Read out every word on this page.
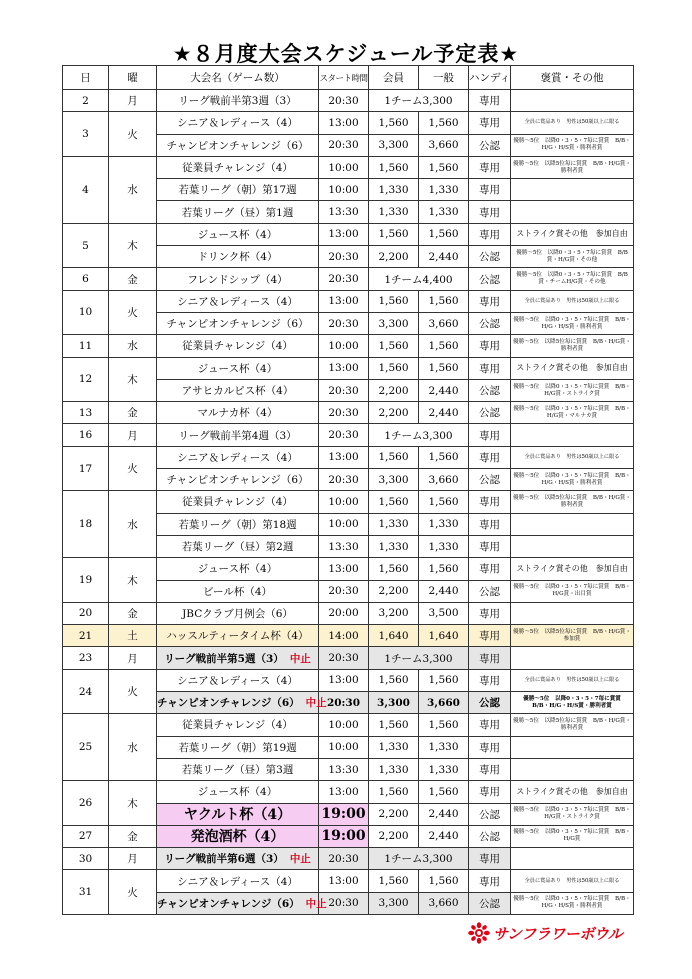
★８月度大会スケジュール予定表★
日	曜	大会名（ゲーム数）	スタート時間	会員	一般	ハンディ	褒賞・その他
2	月	リーグ戦前半第3週（3）	20:30	1チーム3,300		専用	
3	火	シニア＆レディース（4）	13:00	1,560	1,560	専用	全員に賞品あり　男性は50歳以上に限る
		チャンピオンチャレンジ（6）	20:30	3,300	3,660	公認	優勝～5位　以降0・3・5・7毎に賞賞　B/B・H/G・H/S賞・勝利者賞
4	水	従業員チャレンジ（4）	10:00	1,560	1,560	専用	優勝～5位　以降5位毎に賞賞　B/B・H/G賞・勝利者賞
		若葉リーグ（朝）第17週	10:00	1,330	1,330	専用	
		若葉リーグ（昼）第1週	13:30	1,330	1,330	専用	
5	木	ジュース杯（4）	13:00	1,560	1,560	専用	ストライク賞その他　参加自由
		ドリンク杯（4）	20:30	2,200	2,440	公認	優勝～5位　以降0・3・5・7毎に賞賞　B/B賞・H/G賞・その他
6	金	フレンドシップ（4）	20:30	1チーム4,400		公認	優勝～5位　以降0・3・5・7毎に賞賞　B/B賞・チームH/G賞・その他
10	火	シニア＆レディース（4）	13:00	1,560	1,560	専用	全員に賞品あり　男性は50歳以上に限る
		チャンピオンチャレンジ（6）	20:30	3,300	3,660	公認	優勝～5位　以降0・3・5・7毎に賞賞　B/B・H/G・H/S賞・勝利者賞
11	水	従業員チャレンジ（4）	10:00	1,560	1,560	専用	優勝～5位　以降5位毎に賞賞　B/B・H/G賞・勝利者賞
12	木	ジュース杯（4）	13:00	1,560	1,560	専用	ストライク賞その他　参加自由
		アサヒカルピス杯（4）	20:30	2,200	2,440	公認	優勝～5位　以降0・3・5・7毎に賞賞　B/B・H/G賞・ストライク賞
13	金	マルナカ杯（4）	20:30	2,200	2,440	公認	優勝～5位　以降0・3・5・7毎に賞賞　B/B・H/G賞・マルナカ賞
16	月	リーグ戦前半第4週（3）	20:30	1チーム3,300		専用	
17	火	シニア＆レディース（4）	13:00	1,560	1,560	専用	全員に賞品あり　男性は50歳以上に限る
		チャンピオンチャレンジ（6）	20:30	3,300	3,660	公認	優勝～5位　以降0・3・5・7毎に賞賞　B/B・H/G・H/S賞・勝利者賞
18	水	従業員チャレンジ（4）	10:00	1,560	1,560	専用	優勝～5位　以降5位毎に賞賞　B/B・H/G賞・勝利者賞
		若葉リーグ（朝）第18週	10:00	1,330	1,330	専用	
		若葉リーグ（昼）第2週	13:30	1,330	1,330	専用	
19	木	ジュース杯（4）	13:00	1,560	1,560	専用	ストライク賞その他　参加自由
		ビール杯（4）	20:30	2,200	2,440	公認	優勝～5位　以降0・3・5・7毎に賞賞　B/B・H/G賞・出目賞
20	金	JBCクラブ月例会（6）	20:00	3,200	3,500	専用	
21	土	ハッスルティータイム杯（4）	14:00	1,640	1,640	専用	優勝～5位　以降5位毎に賞賞　B/B・H/G賞・参加賞
23	月	リーグ戦前半第5週（3） 中止	20:30	1チーム3,300		専用	
24	火	シニア＆レディース（4）	13:00	1,560	1,560	専用	全員に賞品あり　男性は50歳以上に限る
		チャンピオンチャレンジ（6） 中止	20:30	3,300	3,660	公認	優勝～5位　以降0・3・5・7毎に賞賞　B/B・H/G・H/S賞・勝利者賞
25	水	従業員チャレンジ（4）	10:00	1,560	1,560	専用	優勝～5位　以降5位毎に賞賞　B/B・H/G賞・勝利者賞
		若葉リーグ（朝）第19週	10:00	1,330	1,330	専用	
		若葉リーグ（昼）第3週	13:30	1,330	1,330	専用	
26	木	ジュース杯（4）	13:00	1,560	1,560	専用	ストライク賞その他　参加自由
		ヤクルト杯（4）	19:00	2,200	2,440	公認	優勝～5位　以降0・3・5・7毎に賞賞　B/B・H/G賞・ストライク賞
27	金	発泡酒杯（4）	19:00	2,200	2,440	公認	優勝～5位　以降0・3・5・7毎に賞賞　B/B・H/G賞
30	月	リーグ戦前半第6週（3） 中止	20:30	1チーム3,300		専用	
31	火	シニア＆レディース（4）	13:00	1,560	1,560	専用	全員に賞品あり　男性は50歳以上に限る
		チャンピオンチャレンジ（6） 中止	20:30	3,300	3,660	公認	優勝～5位　以降0・3・5・7毎に賞賞　B/B・H/G・H/S賞・勝利者賞
サンフラワーボウル
